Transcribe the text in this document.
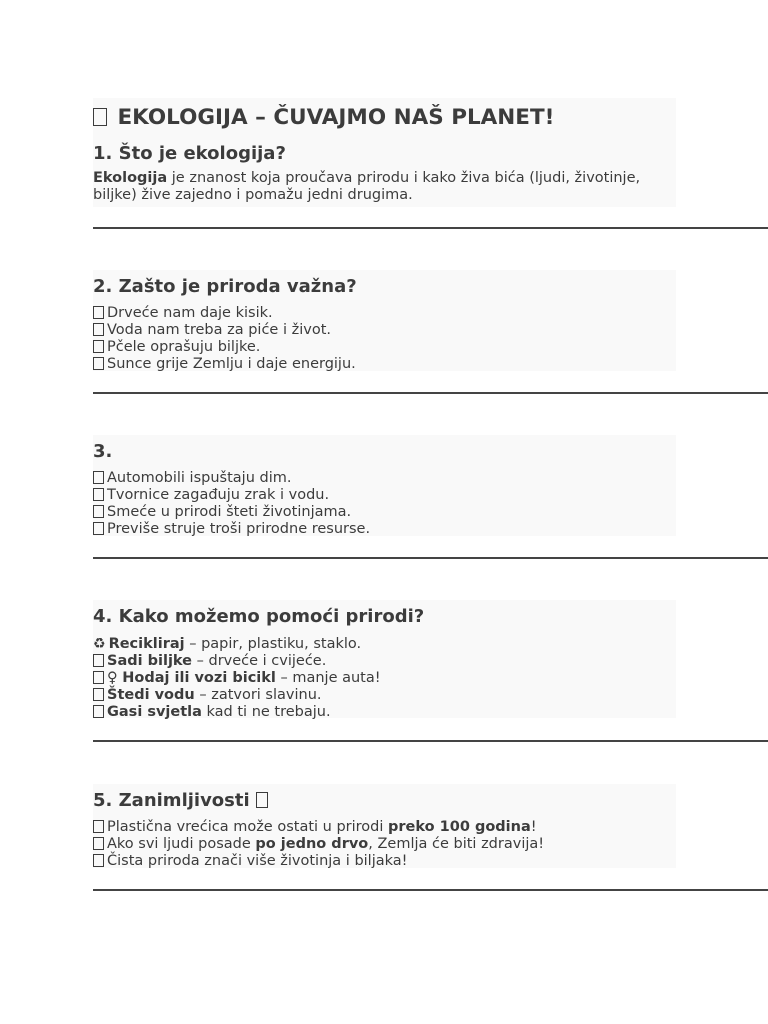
EKOLOGIJA – ČUVAJMO NAŠ PLANET!
1. Što je ekologija?

Ekologija je znanost koja proučava prirodu i kako živa bića (ljudi, životinje, biljke) žive zajedno i pomažu jedni drugima.

2. Zašto je priroda važna?
Drveće nam daje kisik.
Voda nam treba za piće i život.
Pčele oprašuju biljke.
Sunce grije Zemlju i daje energiju.
3.
Automobili ispuštaju dim.
Tvornice zagađuju zrak i vodu.
Smeće u prirodi šteti životinjama.
Previše struje troši prirodne resurse.
4. Kako možemo pomoći prirodi?
♻ Recikliraj – papir, plastiku, staklo.
Sadi biljke – drveće i cvijeće.
♀ Hodaj ili vozi bicikl – manje auta!
Štedi vodu – zatvori slavinu.
Gasi svjetla kad ti ne trebaju.
5. Zanimljivosti
Plastična vrećica može ostati u prirodi preko 100 godina!
Ako svi ljudi posade po jedno drvo, Zemlja će biti zdravija!
Čista priroda znači više životinja i biljaka!
